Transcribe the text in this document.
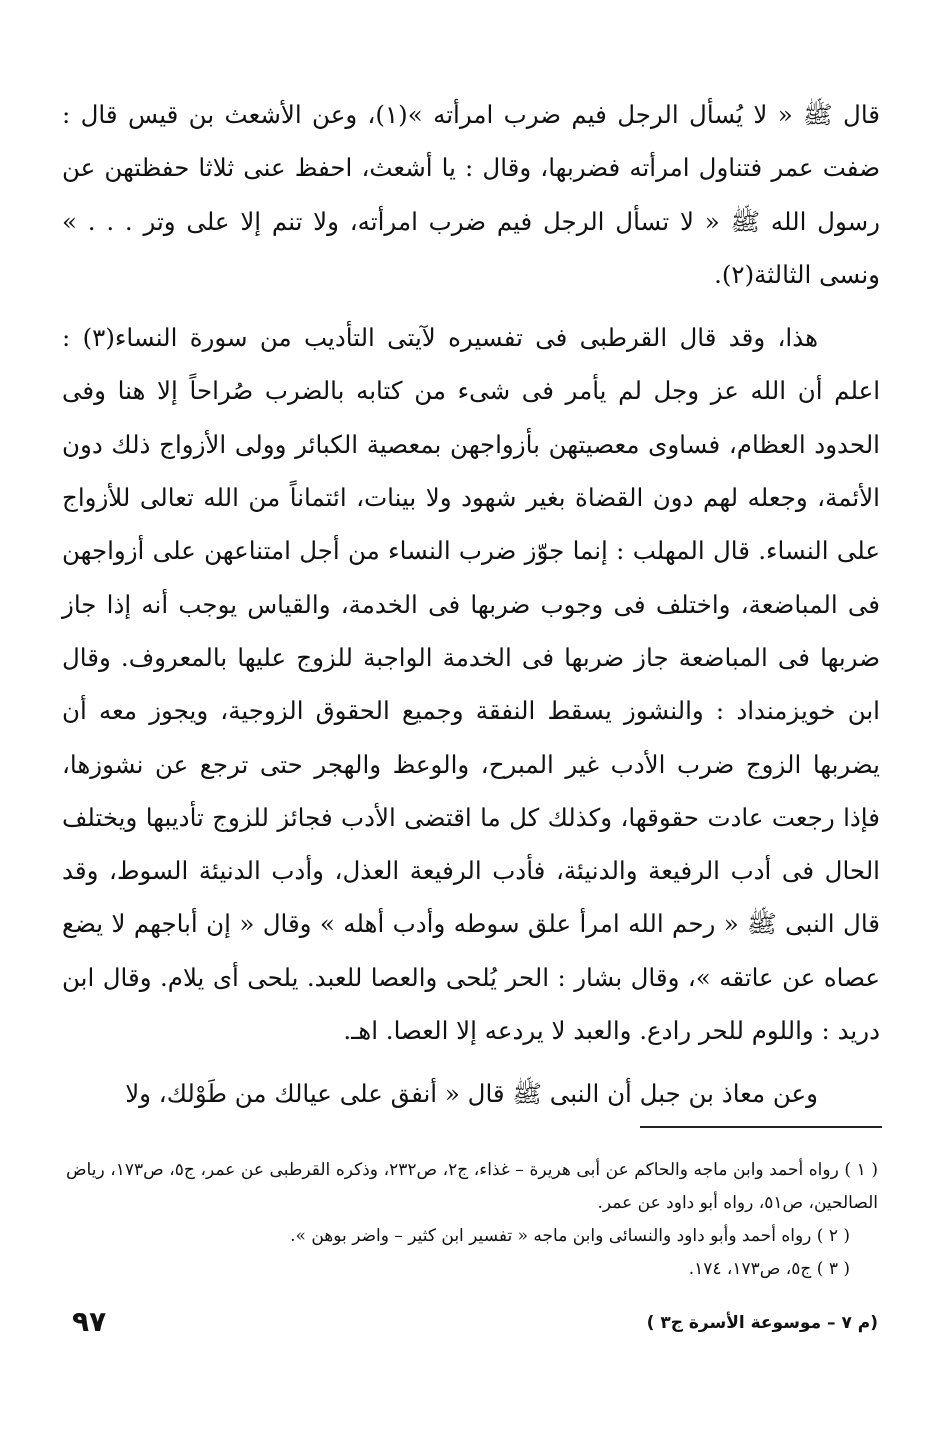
قال ﷺ « لا يُسأل الرجل فيم ضرب امرأته »(١)، وعن الأشعث بن قيس قال : ضفت عمر فتناول امرأته فضربها، وقال : يا أشعث، احفظ عنى ثلاثا حفظتهن عن رسول الله ﷺ « لا تسأل الرجل فيم ضرب امرأته، ولا تنم إلا على وتر . . . » ونسى الثالثة(٢).

هذا، وقد قال القرطبى فى تفسيره لآيتى التأديب من سورة النساء(٣) : اعلم أن الله عز وجل لم يأمر فى شىء من كتابه بالضرب صُراحاً إلا هنا وفى الحدود العظام، فساوى معصيتهن بأزواجهن بمعصية الكبائر وولى الأزواج ذلك دون الأئمة، وجعله لهم دون القضاة بغير شهود ولا بينات، ائتماناً من الله تعالى للأزواج على النساء. قال المهلب : إنما جوّز ضرب النساء من أجل امتناعهن على أزواجهن فى المباضعة، واختلف فى وجوب ضربها فى الخدمة، والقياس يوجب أنه إذا جاز ضربها فى المباضعة جاز ضربها فى الخدمة الواجبة للزوج عليها بالمعروف. وقال ابن خويزمنداد : والنشوز يسقط النفقة وجميع الحقوق الزوجية، ويجوز معه أن يضربها الزوج ضرب الأدب غير المبرح، والوعظ والهجر حتى ترجع عن نشوزها، فإذا رجعت عادت حقوقها، وكذلك كل ما اقتضى الأدب فجائز للزوج تأديبها ويختلف الحال فى أدب الرفيعة والدنيئة، فأدب الرفيعة العذل، وأدب الدنيئة السوط، وقد قال النبى ﷺ « رحم الله امرأ علق سوطه وأدب أهله » وقال « إن أباجهم لا يضع عصاه عن عاتقه »، وقال بشار : الحر يُلحى والعصا للعبد. يلحى أى يلام. وقال ابن دريد : واللوم للحر رادع. والعبد لا يردعه إلا العصا. اهـ.

وعن معاذ بن جبل أن النبى ﷺ قال « أنفق على عيالك من طَوْلك، ولا

( ١ ) رواه أحمد وابن ماجه والحاكم عن أبى هريرة – غذاء، ج٢، ص٢٣٢، وذكره القرطبى عن عمر، ج٥، ص١٧٣، رياض الصالحين، ص٥١، رواه أبو داود عن عمر.

( ٢ ) رواه أحمد وأبو داود والنسائى وابن ماجه « تفسير ابن كثير – واضر بوهن ».

( ٣ ) ج٥، ص١٧٣، ١٧٤.

٩٧	(م ٧ – موسوعة الأسرة ج٣ )
